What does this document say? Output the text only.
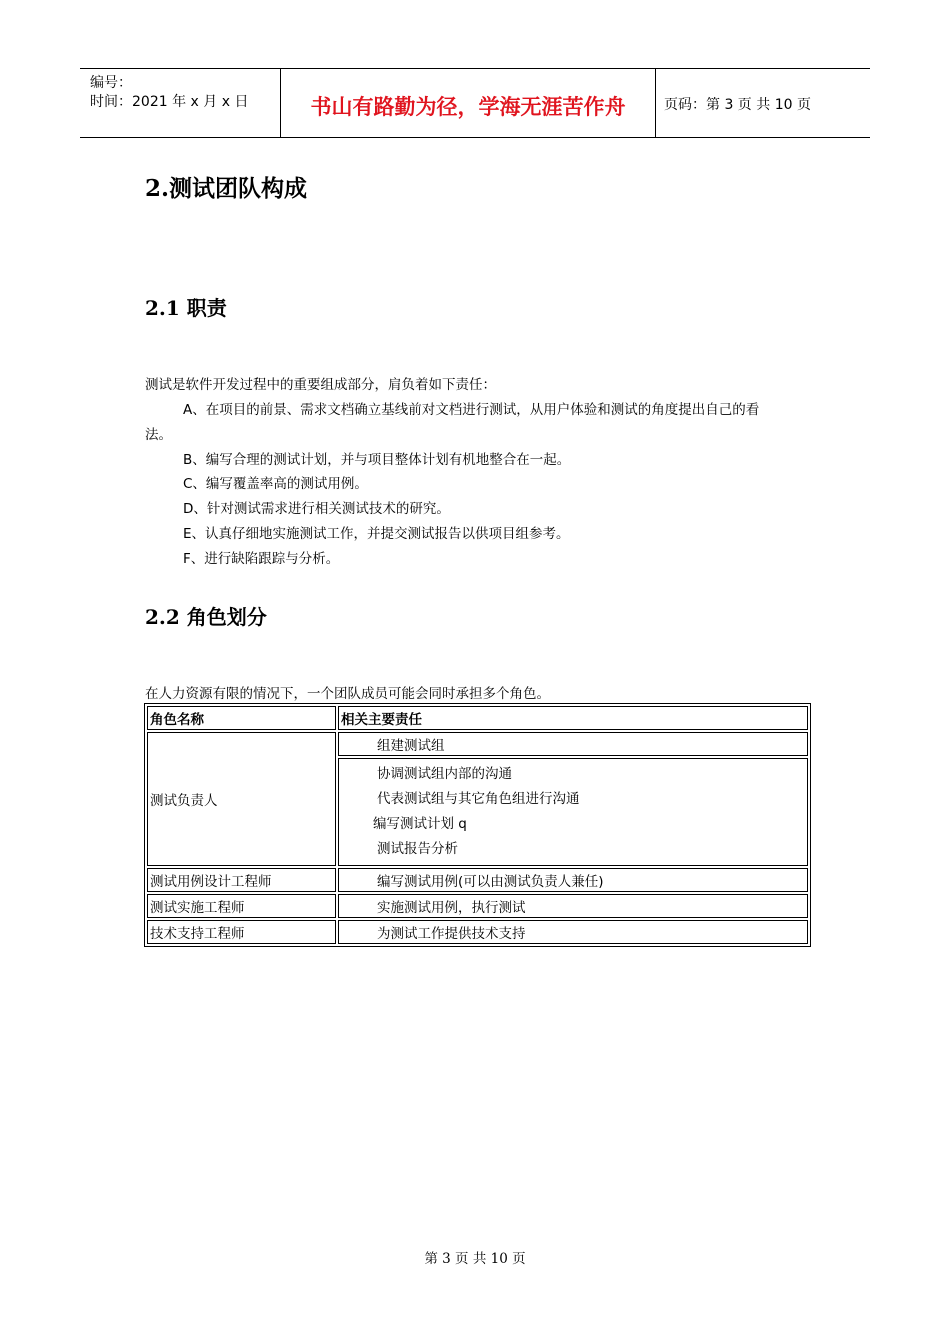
编号：
时间：2021 年 x 月 x 日	书山有路勤为径，学海无涯苦作舟	页码：第 3 页 共 10 页
2.测试团队构成
2.1 职责

测试是软件开发过程中的重要组成部分，肩负着如下责任：

A、在项目的前景、需求文档确立基线前对文档进行测试，从用户体验和测试的角度提出自己的看

法。

B、编写合理的测试计划，并与项目整体计划有机地整合在一起。

C、编写覆盖率高的测试用例。

D、针对测试需求进行相关测试技术的研究。

E、认真仔细地实施测试工作，并提交测试报告以供项目组参考。

F、进行缺陷跟踪与分析。

2.2 角色划分

在人力资源有限的情况下，一个团队成员可能会同时承担多个角色。

角色名称	相关主要责任
测试负责人	组建测试组

	协调测试组内部的沟通
代表测试组与其它角色组进行沟通
编写测试计划 q
测试报告分析

测试用例设计工程师	编写测试用例(可以由测试负责人兼任)
测试实施工程师	实施测试用例，执行测试
技术支持工程师	为测试工作提供技术支持
第 3 页 共 10 页
